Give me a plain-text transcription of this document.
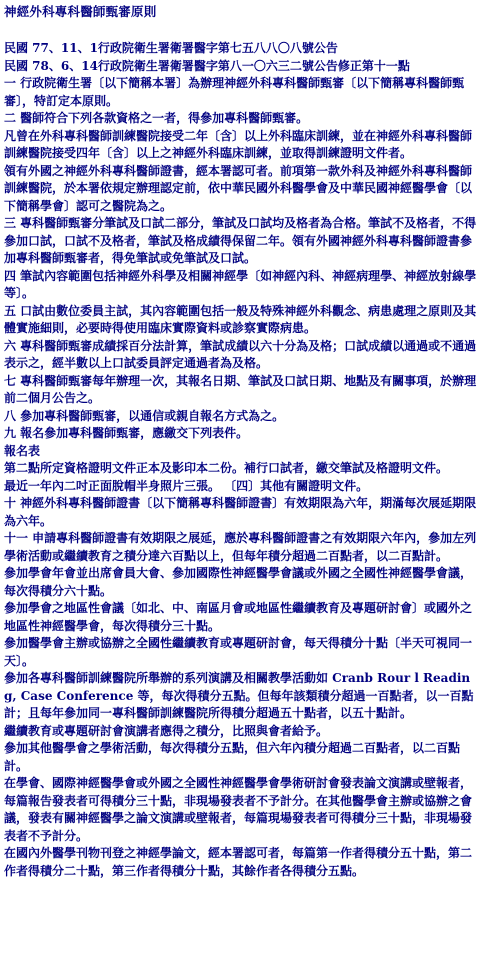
神經外科專科醫師甄審原則

民國 77、11、1行政院衛生署衛署醫字第七五八八〇八號公告

民國 78、6、14行政院衛生署衛署醫字第八一〇六三二號公告修正第十一點

一 行政院衛生署〔以下簡稱本署〕為辦理神經外科專科醫師甄審〔以下簡稱專科醫師甄審〕，特訂定本原則。

二 醫師符合下列各款資格之一者，得參加專科醫師甄審。

凡曾在外科專科醫師訓練醫院接受二年〔含〕以上外科臨床訓練，並在神經外科專科醫師訓練醫院接受四年〔含〕以上之神經外科臨床訓練，並取得訓練證明文件者。

領有外國之神經外科專科醫師證書，經本署認可者。前項第一款外科及神經外科專科醫師訓練醫院，於本署依規定辦理認定前，依中華民國外科醫學會及中華民國神經醫學會〔以下簡稱學會〕認可之醫院為之。

三 專科醫師甄審分筆試及口試二部分，筆試及口試均及格者為合格。筆試不及格者，不得參加口試，口試不及格者，筆試及格成績得保留二年。領有外國神經外科專科醫師證書參加專科醫師甄審者，得免筆試或免筆試及口試。

四 筆試內容範圍包括神經外科學及相關神經學〔如神經內科、神經病理學、神經放射線學等〕。

五 口試由數位委員主試，其內容範圍包括一般及特殊神經外科觀念、病患處理之原則及其體實施細則，必要時得使用臨床實際資料或診察實際病患。

六 專科醫師甄審成績採百分法計算，筆試成績以六十分為及格；口試成績以通過或不通過表示之，經半數以上口試委員評定通過者為及格。

七 專科醫師甄審每年辦理一次，其報名日期、筆試及口試日期、地點及有關事項，於辦理前二個月公告之。

八 參加專科醫師甄審，以通信或親自報名方式為之。

九 報名參加專科醫師甄審，應繳交下列表件。

報名表

第二點所定資格證明文件正本及影印本二份。補行口試者，繳交筆試及格證明文件。

最近一年內二吋正面脫帽半身照片三張。 〔四〕其他有關證明文件。

十 神經外科專科醫師證書〔以下簡稱專科醫師證書〕有效期限為六年，期滿每次展延期限為六年。

十一 申請專科醫師證書有效期限之展延，應於專科醫師證書之有效期限六年內，參加左列學術活動或繼續教育之積分達六百點以上，但每年積分超過二百點者，以二百點計。

參加學會年會並出席會員大會、參加國際性神經醫學會議或外國之全國性神經醫學會議，每次得積分六十點。

參加學會之地區性會議〔如北、中、南區月會或地區性繼續教育及專題研討會〕或國外之地區性神經醫學會，每次得積分三十點。

參加醫學會主辦或協辦之全國性繼續教育或專題研討會，每天得積分十點〔半天可視同一天〕。

參加各專科醫師訓練醫院所舉辦的系列演講及相關教學活動如 Cranb Rour l Reading, Case Conference 等，每次得積分五點。但每年該類積分超過一百點者，以一百點計；且每年參加同一專科醫師訓練醫院所得積分超過五十點者，以五十點計。

繼續教育或專題研討會演講者應得之積分，比照與會者給予。

參加其他醫學會之學術活動，每次得積分五點，但六年內積分超過二百點者，以二百點計。

在學會、國際神經醫學會或外國之全國性神經醫學會學術研討會發表論文演講或壁報者，每篇報告發表者可得積分三十點，非現場發表者不予計分。在其他醫學會主辦或協辦之會議，發表有關神經醫學之論文演講或壁報者，每篇現場發表者可得積分三十點，非現場發表者不予計分。

在國內外醫學刊物刊登之神經學論文，經本署認可者，每篇第一作者得積分五十點，第二作者得積分二十點，第三作者得積分十點，其餘作者各得積分五點。
